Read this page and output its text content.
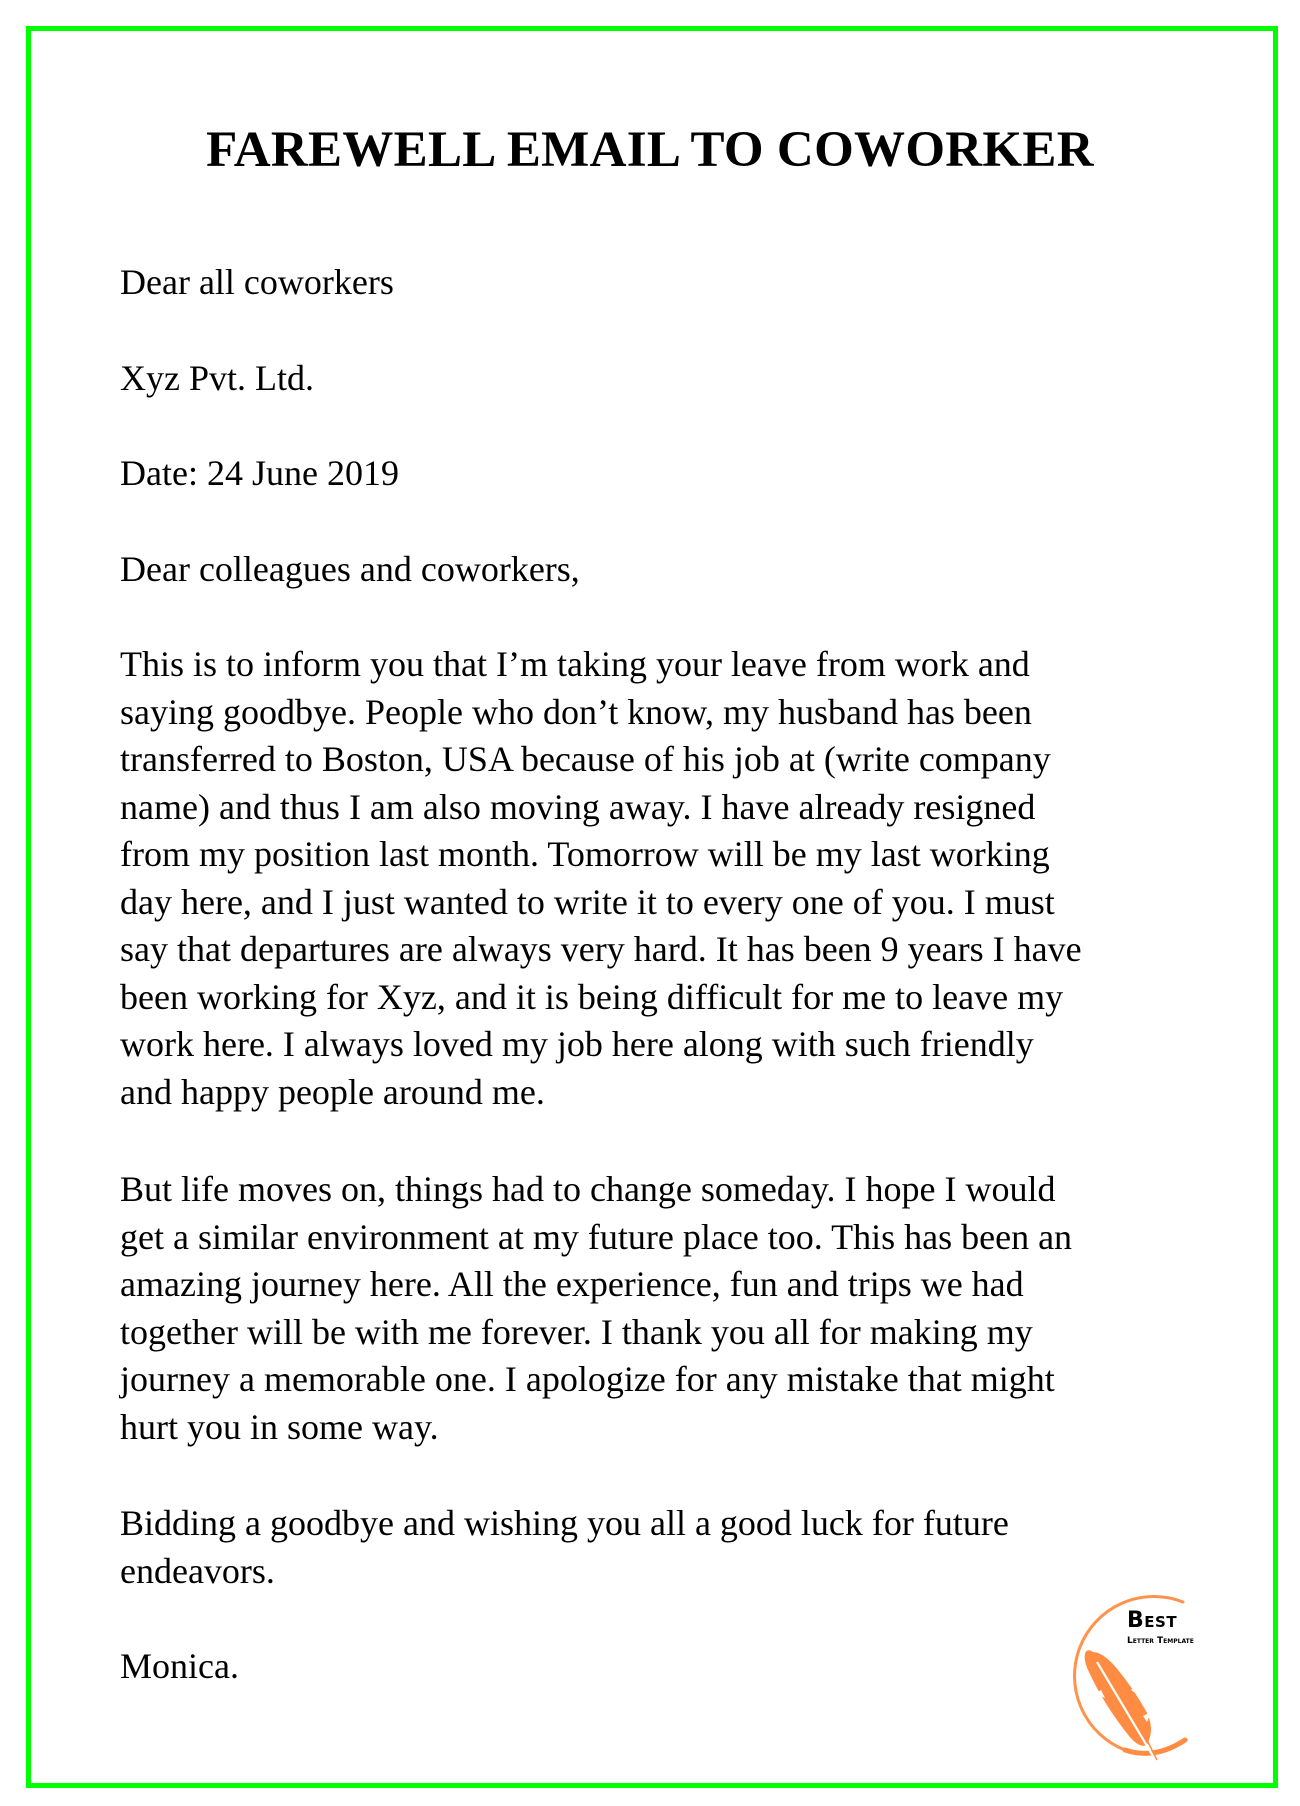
FAREWELL EMAIL TO COWORKER

Dear all coworkers

Xyz Pvt. Ltd.

Date: 24 June 2019

Dear colleagues and coworkers,

This is to inform you that I’m taking your leave from work and
saying goodbye. People who don’t know, my husband has been
transferred to Boston, USA because of his job at (write company
name) and thus I am also moving away. I have already resigned
from my position last month. Tomorrow will be my last working
day here, and I just wanted to write it to every one of you. I must
say that departures are always very hard. It has been 9 years I have
been working for Xyz, and it is being difficult for me to leave my
work here. I always loved my job here along with such friendly
and happy people around me.
But life moves on, things had to change someday. I hope I would
get a similar environment at my future place too. This has been an
amazing journey here. All the experience, fun and trips we had
together will be with me forever. I thank you all for making my
journey a memorable one. I apologize for any mistake that might
hurt you in some way.
Bidding a goodbye and wishing you all a good luck for future
endeavors.

Monica.

Best
Letter Template
